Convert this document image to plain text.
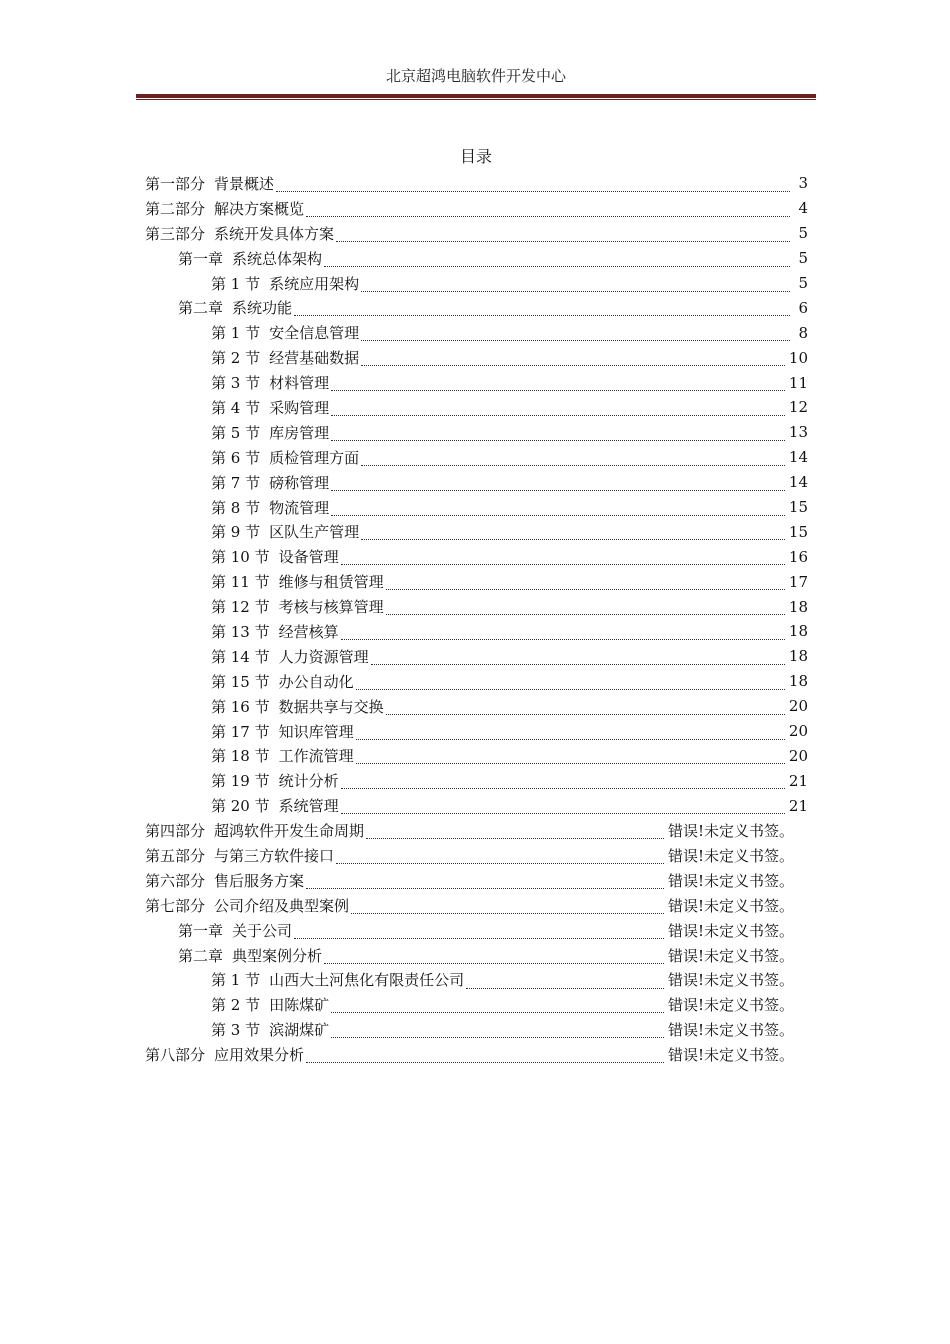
北京超鸿电脑软件开发中心
目录
第一部分 背景概述	3
第二部分 解决方案概览	4
第三部分 系统开发具体方案	5
第一章 系统总体架构	5
第 1 节 系统应用架构	5
第二章 系统功能	6
第 1 节 安全信息管理	8
第 2 节 经营基础数据	10
第 3 节 材料管理	11
第 4 节 采购管理	12
第 5 节 库房管理	13
第 6 节 质检管理方面	14
第 7 节 磅称管理	14
第 8 节 物流管理	15
第 9 节 区队生产管理	15
第 10 节 设备管理	16
第 11 节 维修与租赁管理	17
第 12 节 考核与核算管理	18
第 13 节 经营核算	18
第 14 节 人力资源管理	18
第 15 节 办公自动化	18
第 16 节 数据共享与交换	20
第 17 节 知识库管理	20
第 18 节 工作流管理	20
第 19 节 统计分析	21
第 20 节 系统管理	21
第四部分 超鸿软件开发生命周期	错误!未定义书签。
第五部分 与第三方软件接口	错误!未定义书签。
第六部分 售后服务方案	错误!未定义书签。
第七部分 公司介绍及典型案例	错误!未定义书签。
第一章 关于公司	错误!未定义书签。
第二章 典型案例分析	错误!未定义书签。
第 1 节 山西大土河焦化有限责任公司	错误!未定义书签。
第 2 节 田陈煤矿	错误!未定义书签。
第 3 节 滨湖煤矿	错误!未定义书签。
第八部分 应用效果分析	错误!未定义书签。
